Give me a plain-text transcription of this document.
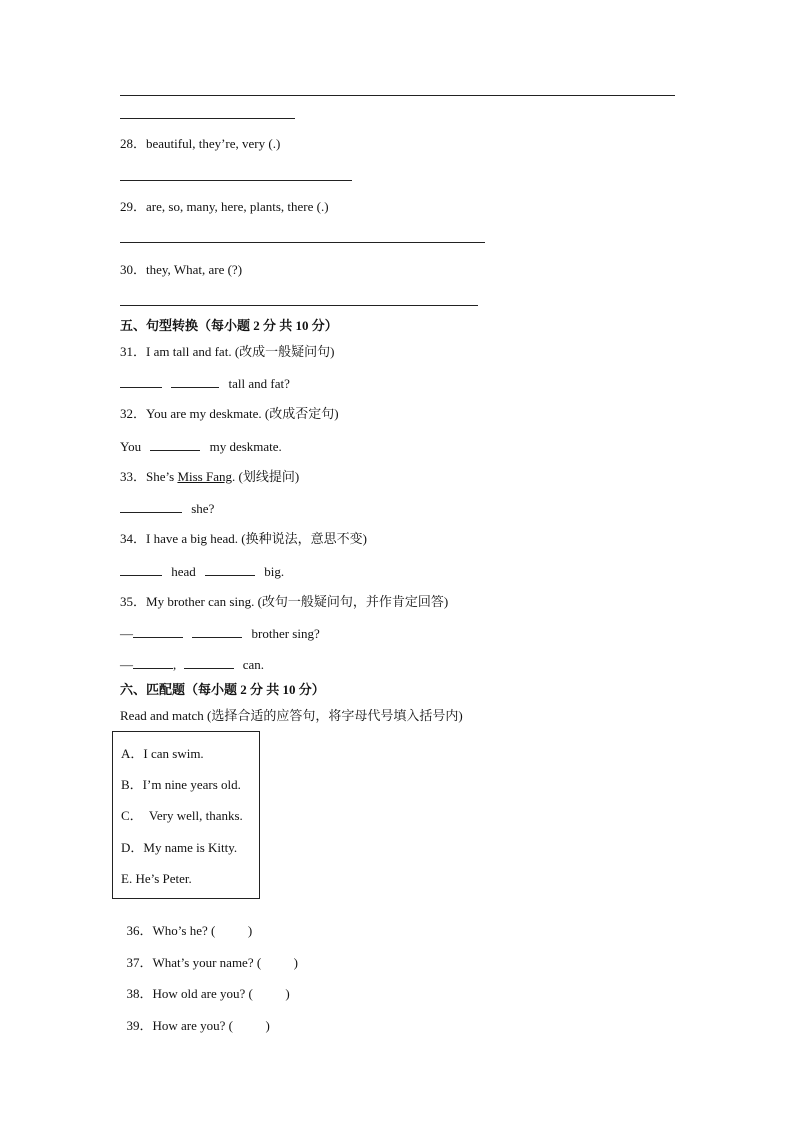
28．beautiful, they’re, very (.)
29．are, so, many, here, plants, there (.)
30．they, What, are (?)
五、句型转换（每小题 2 分 共 10 分）
31．I am tall and fat. (改成一般疑问句)
tall and fat?
32．You are my deskmate. (改成否定句)
You	my deskmate.
33．She’s Miss Fang. (划线提问)
she?
34．I have a big head. (换种说法，意思不变)
head	big.
35．My brother can sing. (改句一般疑问句，并作肯定回答)
—	brother sing?
—	,	can.
六、匹配题（每小题 2 分 共 10 分）
Read and match (选择合适的应答句，将字母代号填入括号内)
A．I can swim.
B．I’m nine years old.
C．  Very well, thanks.
D．My name is Kitty.
E. He’s Peter.

36．Who’s he? (          )

37．What’s your name? (          )

38．How old are you? (          )

39．How are you? (          )
